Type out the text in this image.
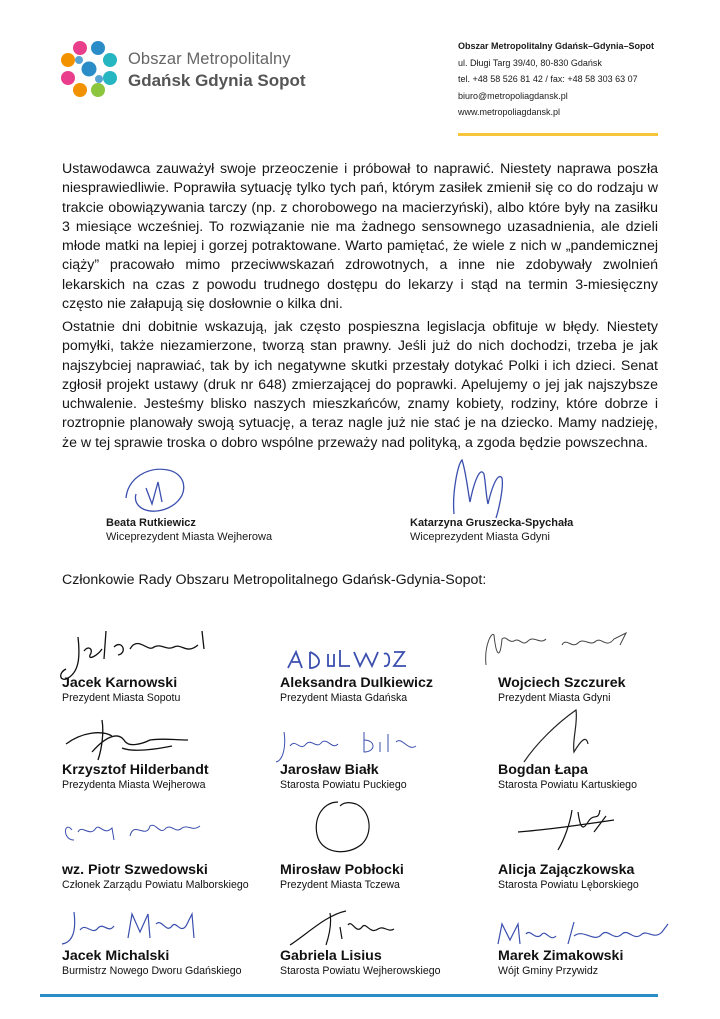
Obszar Metropolitalny
Gdańsk Gdynia Sopot
Obszar Metropolitalny Gdańsk–Gdynia–Sopot
ul. Długi Targ 39/40, 80-830 Gdańsk
tel. +48 58 526 81 42 / fax: +48 58 303 63 07
biuro@metropoliagdansk.pl
www.metropoliagdansk.pl
Ustawodawca zauważył swoje przeoczenie i próbował to naprawić. Niestety naprawa poszła niesprawiedliwie. Poprawiła sytuację tylko tych pań, którym zasiłek zmienił się co do rodzaju w trakcie obowiązywania tarczy (np. z chorobowego na macierzyński), albo które były na zasiłku 3 miesiące wcześniej. To rozwiązanie nie ma żadnego sensownego uzasadnienia, ale dzieli młode matki na lepiej i gorzej potraktowane. Warto pamiętać, że wiele z nich w „pandemicznej ciąży” pracowało mimo przeciwwskazań zdrowotnych, a inne nie zdobywały zwolnień lekarskich na czas z powodu trudnego dostępu do lekarzy i stąd na termin 3-miesięczny często nie załapują się dosłownie o kilka dni.
Ostatnie dni dobitnie wskazują, jak często pospieszna legislacja obfituje w błędy. Niestety pomyłki, także niezamierzone, tworzą stan prawny. Jeśli już do nich dochodzi, trzeba je jak najszybciej naprawiać, tak by ich negatywne skutki przestały dotykać Polki i ich dzieci. Senat zgłosił projekt ustawy (druk nr 648) zmierzającej do poprawki. Apelujemy o jej jak najszybsze uchwalenie. Jesteśmy blisko naszych mieszkańców, znamy kobiety, rodziny, które dobrze i roztropnie planowały swoją sytuację, a teraz nagle już nie stać je na dziecko. Mamy nadzieję, że w tej sprawie troska o dobro wspólne przeważy nad polityką, a zgoda będzie powszechna.
Beata Rutkiewicz
Wiceprezydent Miasta Wejherowa
Katarzyna Gruszecka-Spychała
Wiceprezydent Miasta Gdyni
Członkowie Rady Obszaru Metropolitalnego Gdańsk-Gdynia-Sopot:
Jacek Karnowski
Prezydent Miasta Sopotu
Aleksandra Dulkiewicz
Prezydent Miasta Gdańska
Wojciech Szczurek
Prezydent Miasta Gdyni
Krzysztof Hilderbandt
Prezydenta Miasta Wejherowa
Jarosław Białk
Starosta Powiatu Puckiego
Bogdan Łapa
Starosta Powiatu Kartuskiego
wz. Piotr Szwedowski
Członek Zarządu Powiatu Malborskiego
Mirosław Pobłocki
Prezydent Miasta Tczewa
Alicja Zajączkowska
Starosta Powiatu Lęborskiego
Jacek Michalski
Burmistrz Nowego Dworu Gdańskiego
Gabriela Lisius
Starosta Powiatu Wejherowskiego
Marek Zimakowski
Wójt Gminy Przywidz
